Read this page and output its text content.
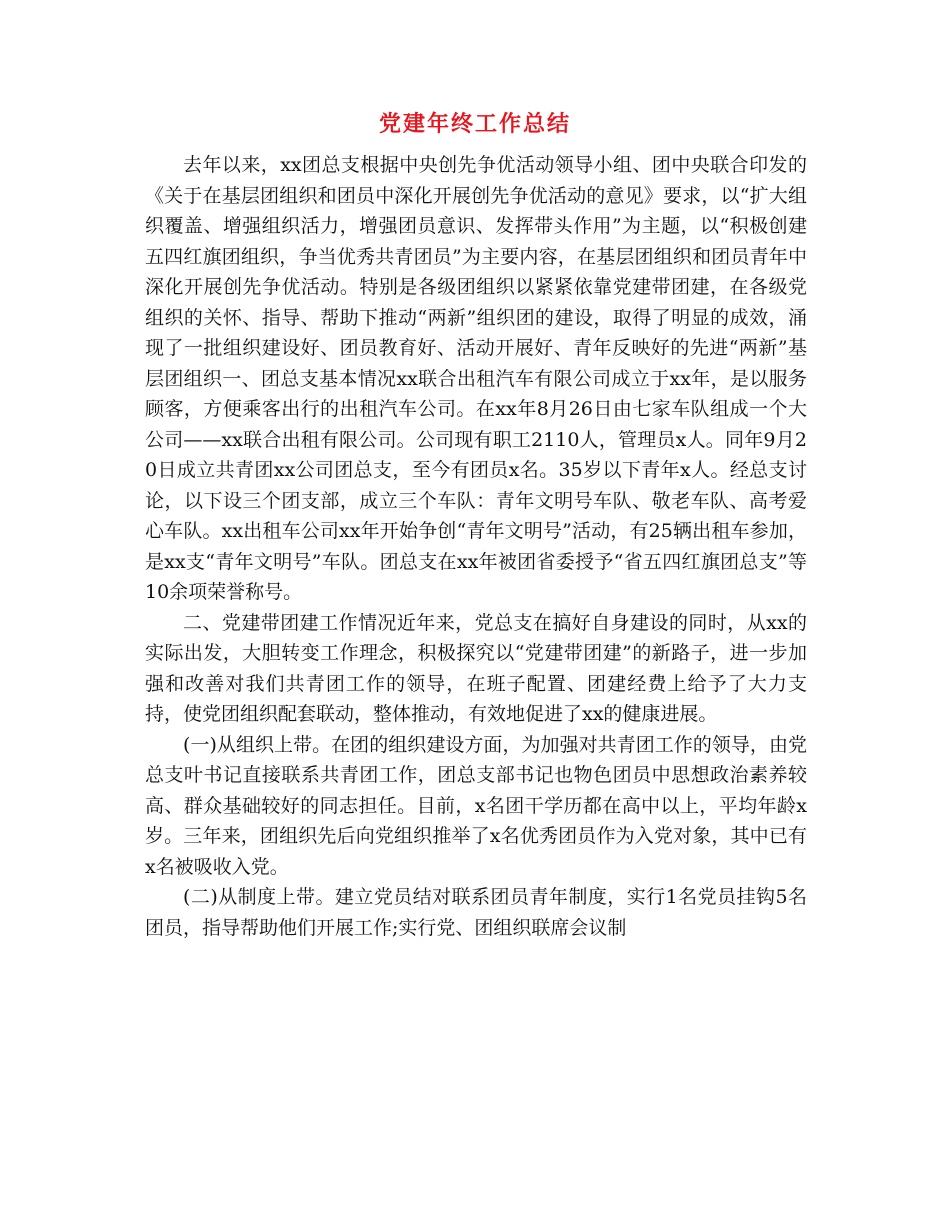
党建年终工作总结

去年以来，xx团总支根据中央创先争优活动领导小组、团中央联合印发的《关于在基层团组织和团员中深化开展创先争优活动的意见》要求，以“扩大组织覆盖、增强组织活力，增强团员意识、发挥带头作用”为主题，以“积极创建五四红旗团组织，争当优秀共青团员”为主要内容，在基层团组织和团员青年中深化开展创先争优活动。特别是各级团组织以紧紧依靠党建带团建，在各级党组织的关怀、指导、帮助下推动“两新”组织团的建设，取得了明显的成效，涌现了一批组织建设好、团员教育好、活动开展好、青年反映好的先进“两新”基层团组织一、团总支基本情况xx联合出租汽车有限公司成立于xx年，是以服务顾客，方便乘客出行的出租汽车公司。在xx年8月26日由七家车队组成一个大公司——xx联合出租有限公司。公司现有职工2110人，管理员x人。同年9月20日成立共青团xx公司团总支，至今有团员x名。35岁以下青年x人。经总支讨论，以下设三个团支部，成立三个车队：青年文明号车队、敬老车队、高考爱心车队。xx出租车公司xx年开始争创“青年文明号”活动，有25辆出租车参加，是xx支“青年文明号”车队。团总支在xx年被团省委授予“省五四红旗团总支”等10余项荣誉称号。

二、党建带团建工作情况近年来，党总支在搞好自身建设的同时，从xx的实际出发，大胆转变工作理念，积极探究以“党建带团建”的新路子，进一步加强和改善对我们共青团工作的领导，在班子配置、团建经费上给予了大力支持，使党团组织配套联动，整体推动，有效地促进了xx的健康进展。

(一)从组织上带。在团的组织建设方面，为加强对共青团工作的领导，由党总支叶书记直接联系共青团工作，团总支部书记也物色团员中思想政治素养较高、群众基础较好的同志担任。目前，x名团干学历都在高中以上，平均年龄x岁。三年来，团组织先后向党组织推举了x名优秀团员作为入党对象，其中已有x名被吸收入党。

(二)从制度上带。建立党员结对联系团员青年制度，实行1名党员挂钩5名团员，指导帮助他们开展工作;实行党、团组织联席会议制
